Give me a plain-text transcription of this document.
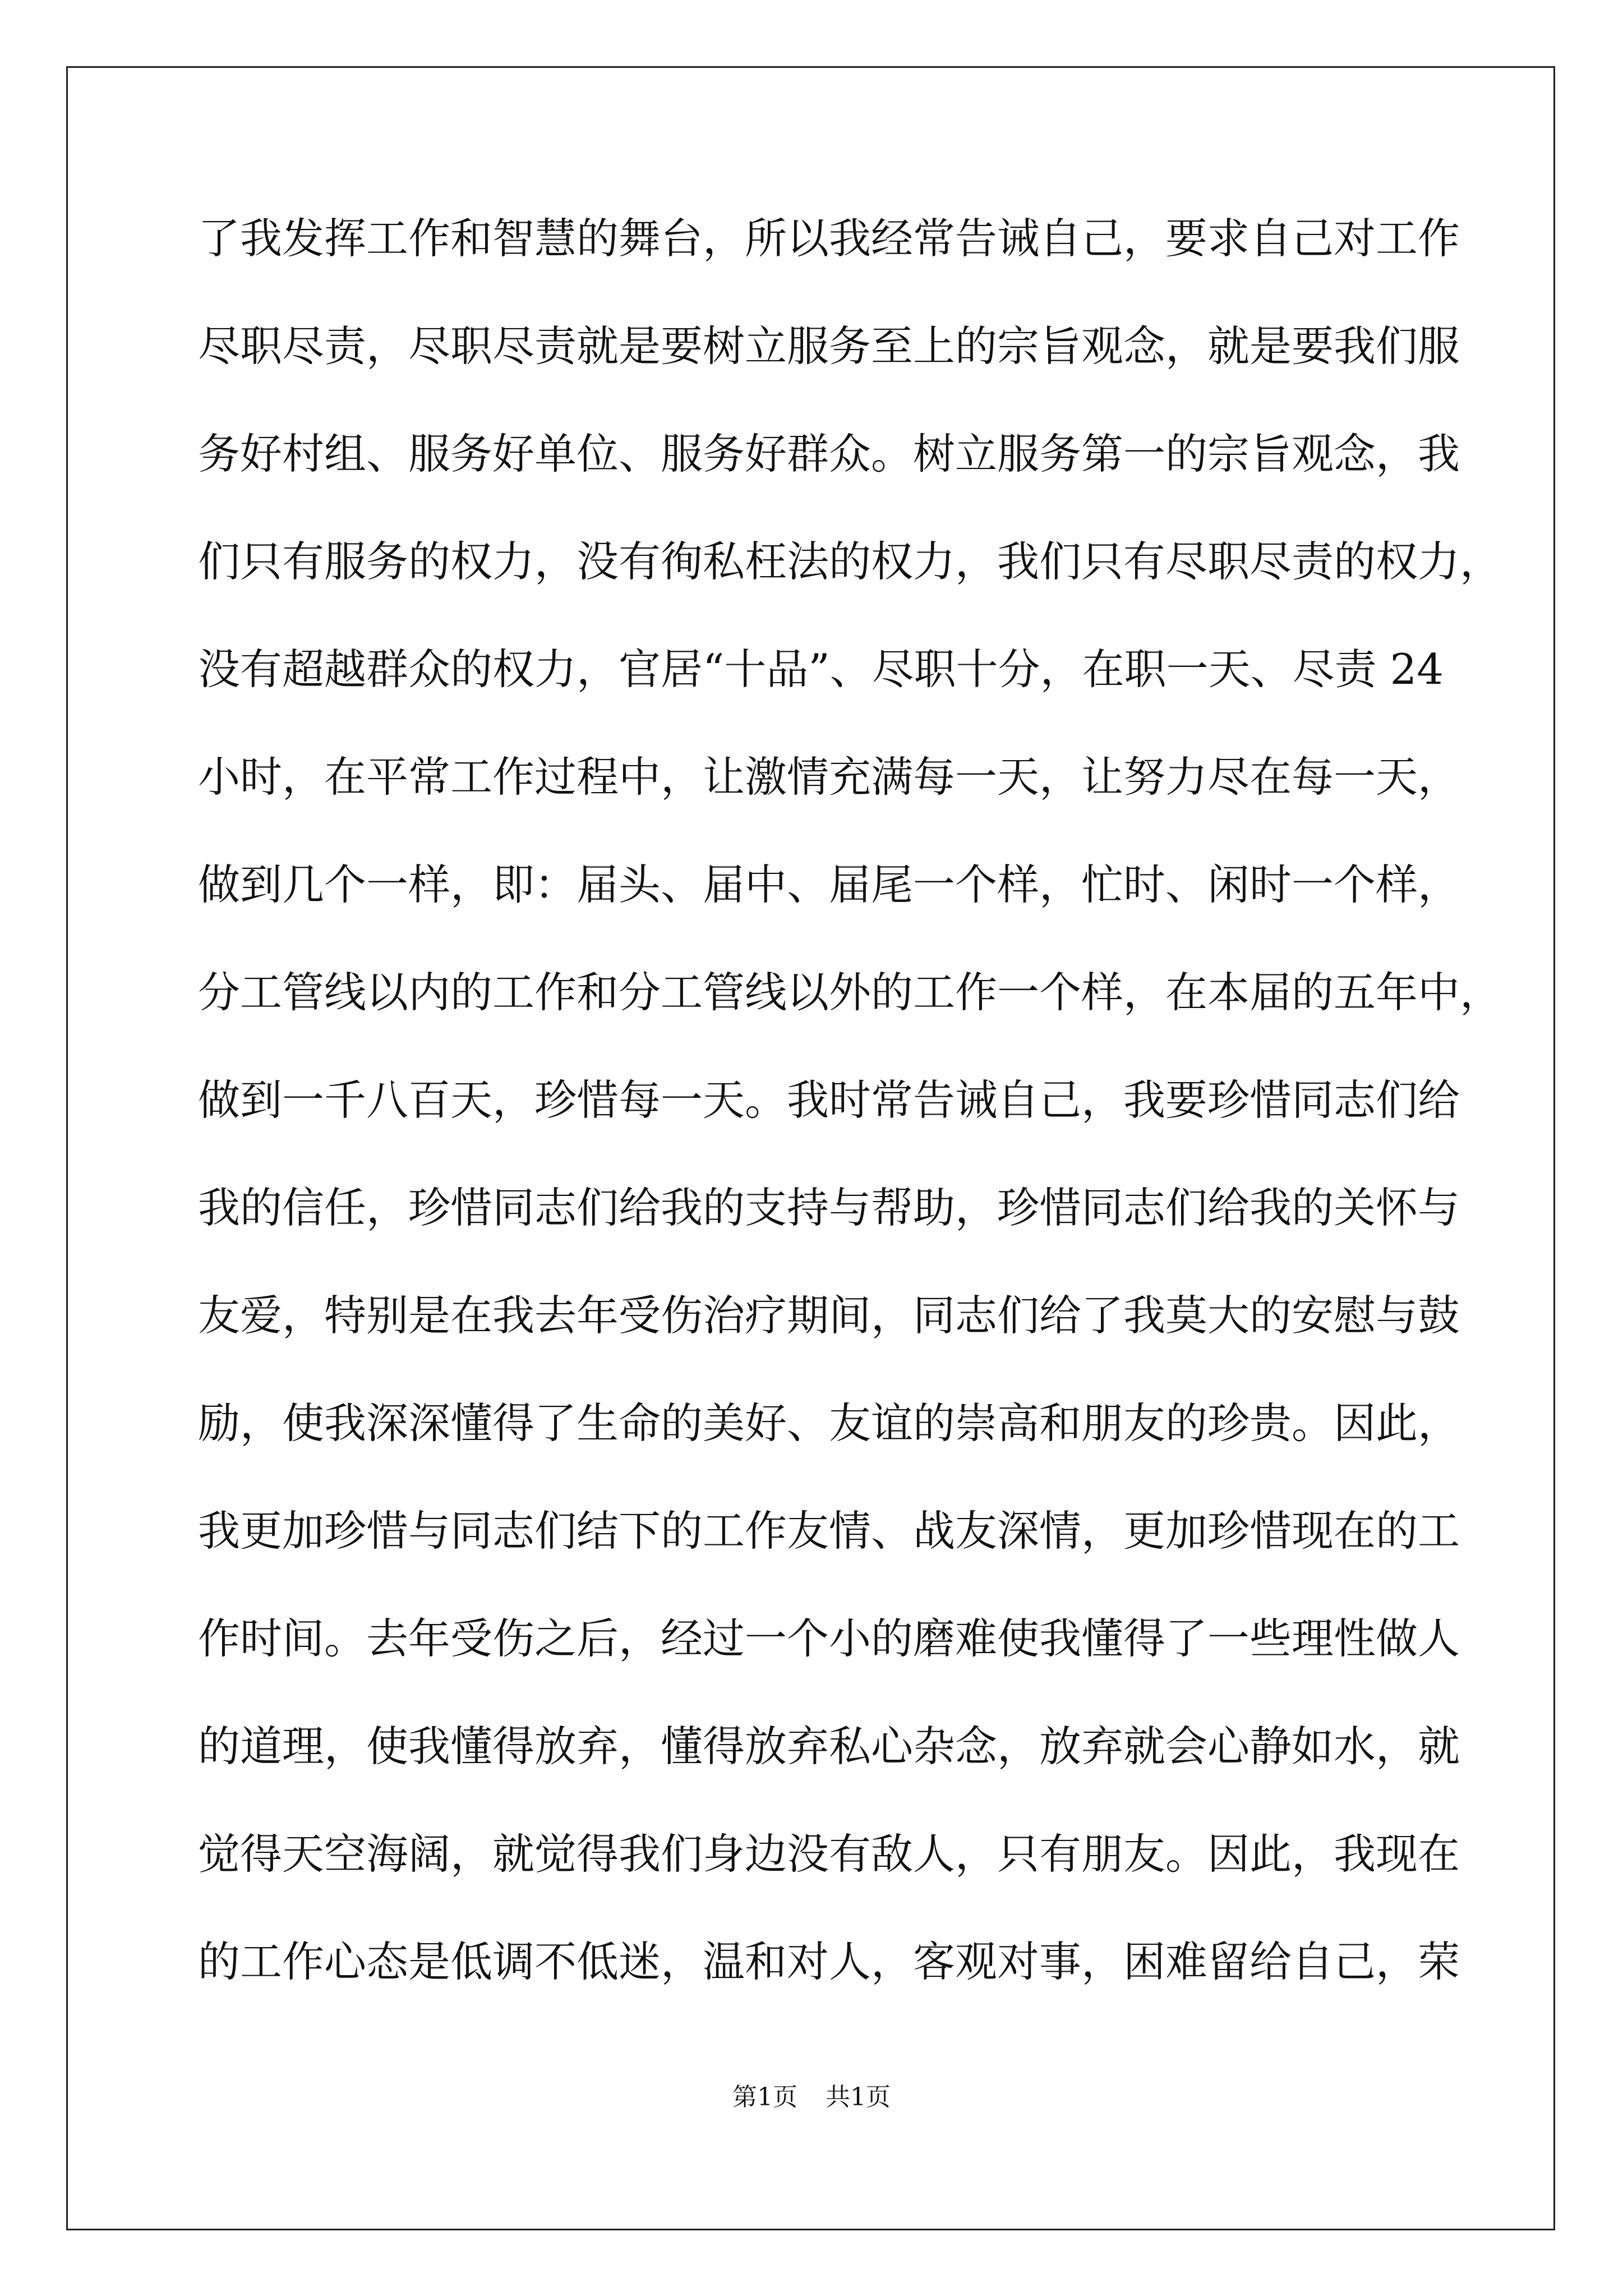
了我发挥工作和智慧的舞台，所以我经常告诫自己，要求自己对工作
尽职尽责，尽职尽责就是要树立服务至上的宗旨观念，就是要我们服
务好村组、服务好单位、服务好群众。树立服务第一的宗旨观念，我
们只有服务的权力，没有徇私枉法的权力，我们只有尽职尽责的权力，
没有超越群众的权力，官居“十品”、尽职十分，在职一天、尽责 24
小时，在平常工作过程中，让激情充满每一天，让努力尽在每一天，
做到几个一样，即：届头、届中、届尾一个样，忙时、闲时一个样，
分工管线以内的工作和分工管线以外的工作一个样，在本届的五年中，
做到一千八百天，珍惜每一天。我时常告诫自己，我要珍惜同志们给
我的信任，珍惜同志们给我的支持与帮助，珍惜同志们给我的关怀与
友爱，特别是在我去年受伤治疗期间，同志们给了我莫大的安慰与鼓
励，使我深深懂得了生命的美好、友谊的崇高和朋友的珍贵。因此，
我更加珍惜与同志们结下的工作友情、战友深情，更加珍惜现在的工
作时间。去年受伤之后，经过一个小的磨难使我懂得了一些理性做人
的道理，使我懂得放弃，懂得放弃私心杂念，放弃就会心静如水，就
觉得天空海阔，就觉得我们身边没有敌人，只有朋友。因此，我现在
的工作心态是低调不低迷，温和对人，客观对事，困难留给自己，荣
第1页 共1页
